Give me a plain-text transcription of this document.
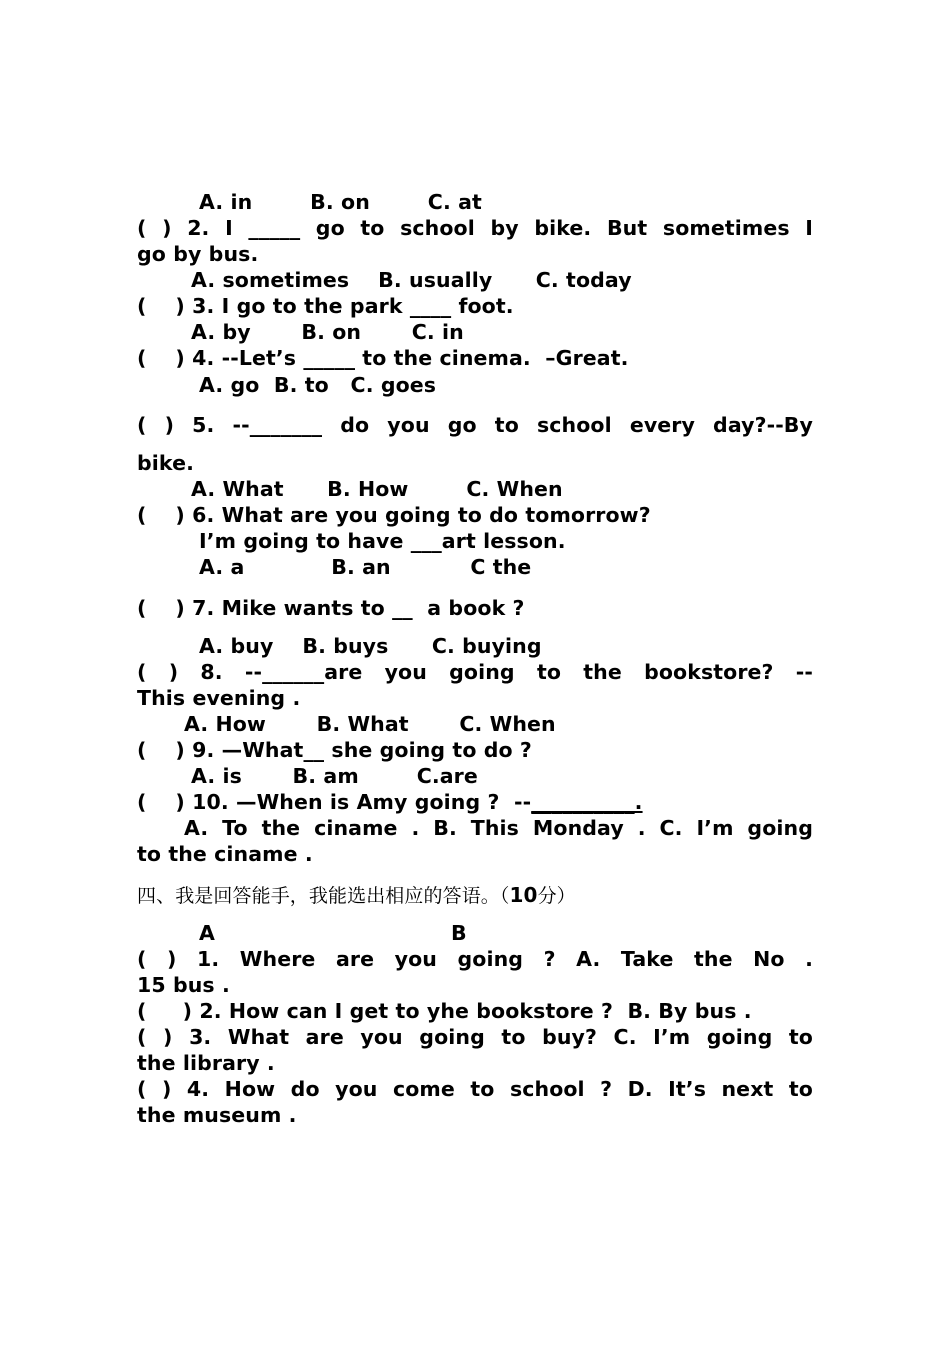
A. in        B. on        C. at

( ) 2. I _____ go to school by bike. But sometimes I

go by bus.

A. sometimes    B. usually      C. today

(    ) 3. I go to the park ____ foot.

A. by       B. on       C. in

(    ) 4. --Let’s _____ to the cinema.  –Great.

A. go  B. to   C. goes

( ) 5. --_______ do you go to school every day?--By

bike.

A. What      B. How        C. When

(    ) 6. What are you going to do tomorrow?

I’m going to have ___art lesson.

A. a            B. an           C the

(    ) 7. Mike wants to __  a book ?

A. buy    B. buys      C. buying

( ) 8. --______are you going to the bookstore? --

This evening .

A. How       B. What       C. When

(    ) 9. —What__ she going to do ?

A. is       B. am        C.are

(    ) 10. —When is Amy going ?  --__________.

A. To the ciname . B. This Monday . C. I’m going

to the ciname .

四、我是回答能手，我能选出相应的答语。（10分）

A	B

( ) 1. Where are you going ? A. Take the No .

15 bus .

(     ) 2. How can I get to yhe bookstore ?  B. By bus .

( ) 3. What are you going to buy? C. I’m going to

the library .

( ) 4. How do you come to school ? D. It’s next to

the museum .
